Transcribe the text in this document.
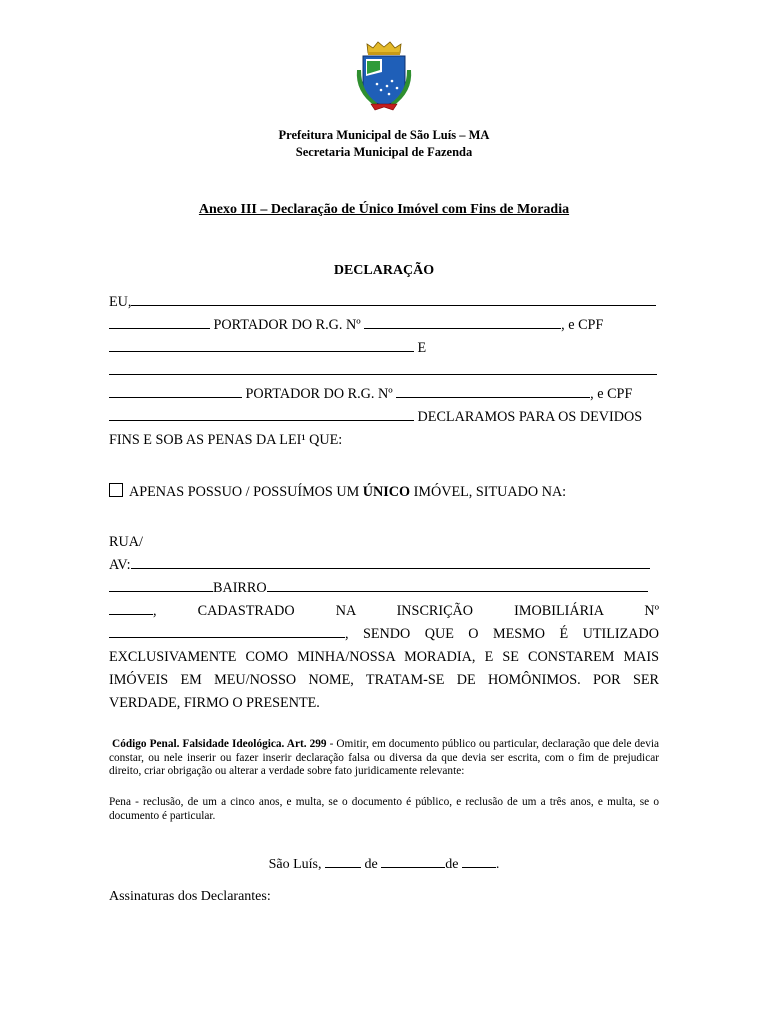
Prefeitura Municipal de São Luís – MA
Secretaria Municipal de Fazenda
Anexo III – Declaração de Único Imóvel com Fins de Moradia
DECLARAÇÃO
EU,
PORTADOR DO R.G. Nº	, e CPF
E
PORTADOR DO R.G. Nº	, e CPF
DECLARAMOS PARA OS DEVIDOS
FINS E SOB AS PENAS DA LEI¹ QUE:
APENAS POSSUO / POSSUÍMOS UM ÚNICO IMÓVEL, SITUADO NA:
RUA/
AV:
BAIRRO
, CADASTRADO NA INSCRIÇÃO IMOBILIÁRIA Nº
, SENDO QUE O MESMO É UTILIZADO
EXCLUSIVAMENTE COMO MINHA/NOSSA MORADIA, E SE CONSTAREM MAIS
IMÓVEIS EM MEU/NOSSO NOME, TRATAM-SE DE HOMÔNIMOS. POR SER
VERDADE, FIRMO O PRESENTE.
Código Penal. Falsidade Ideológica. Art. 299 - Omitir, em documento público ou particular, declaração que dele devia constar, ou nele inserir ou fazer inserir declaração falsa ou diversa da que devia ser escrita, com o fim de prejudicar direito, criar obrigação ou alterar a verdade sobre fato juridicamente relevante:
Pena - reclusão, de um a cinco anos, e multa, se o documento é público, e reclusão de um a três anos, e multa, se o documento é particular.
São Luís,	de	de .
Assinaturas dos Declarantes:
